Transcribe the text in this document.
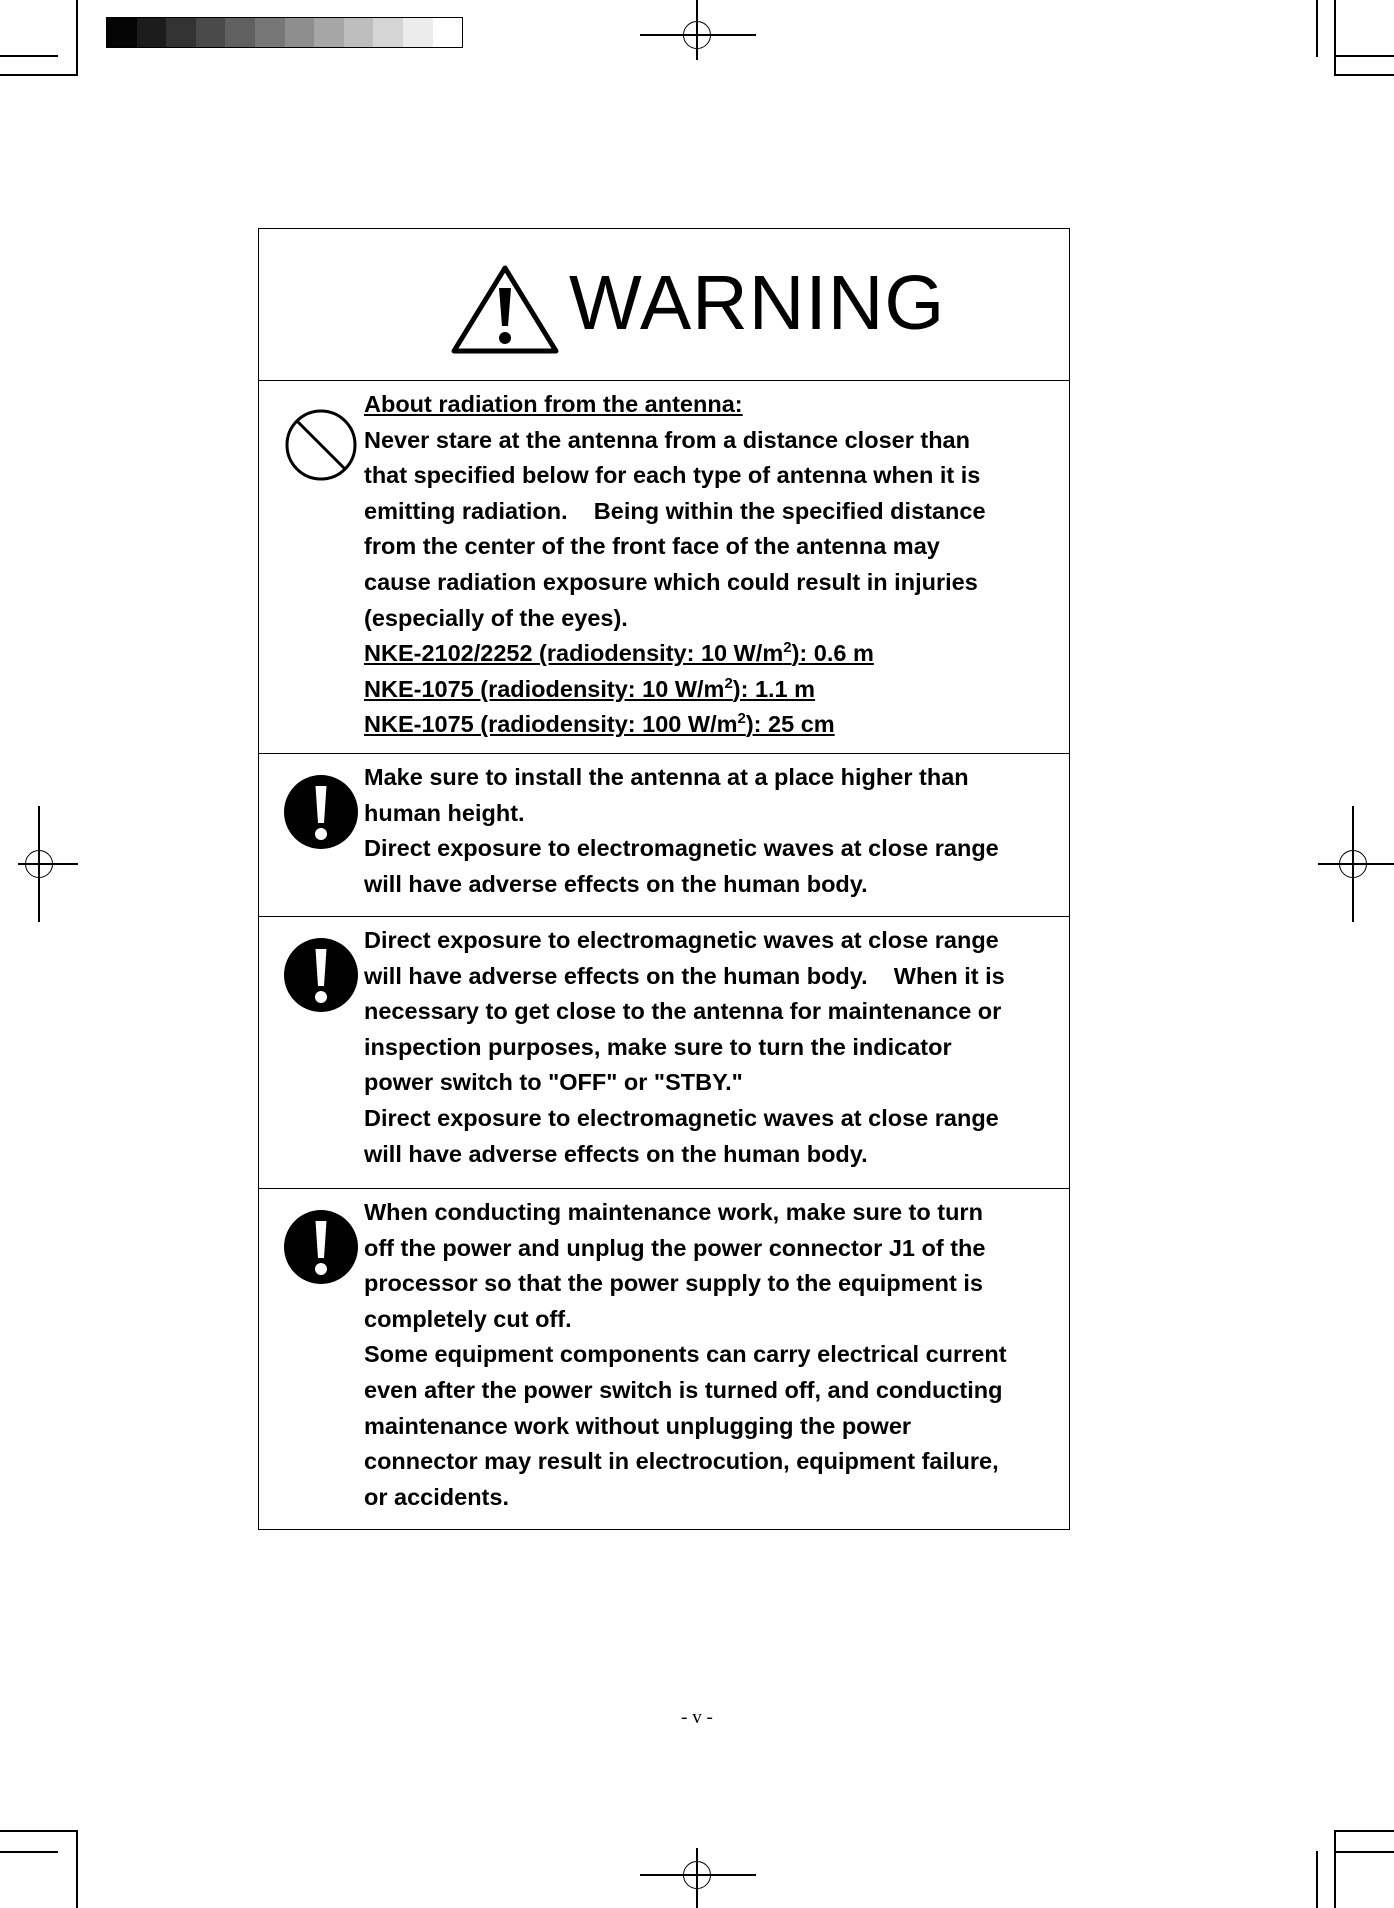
WARNING
About radiation from the antenna:
Never stare at the antenna from a distance closer than
that specified below for each type of antenna when it is
emitting radiation.    Being within the specified distance
from the center of the front face of the antenna may
cause radiation exposure which could result in injuries
(especially of the eyes).
NKE-2102/2252 (radiodensity: 10 $W/m^2$): 0.6 m
NKE-1075 (radiodensity: 10 $W/m^2$): 1.1 m
NKE-1075 (radiodensity: 100 $W/m^2$): 25 cm
Make sure to install the antenna at a place higher than
human height.
Direct exposure to electromagnetic waves at close range
will have adverse effects on the human body.
Direct exposure to electromagnetic waves at close range
will have adverse effects on the human body.    When it is
necessary to get close to the antenna for maintenance or
inspection purposes, make sure to turn the indicator
power switch to "OFF" or "STBY."
Direct exposure to electromagnetic waves at close range
will have adverse effects on the human body.
When conducting maintenance work, make sure to turn
off the power and unplug the power connector J1 of the
processor so that the power supply to the equipment is
completely cut off.
Some equipment components can carry electrical current
even after the power switch is turned off, and conducting
maintenance work without unplugging the power
connector may result in electrocution, equipment failure,
or accidents.
- v -
